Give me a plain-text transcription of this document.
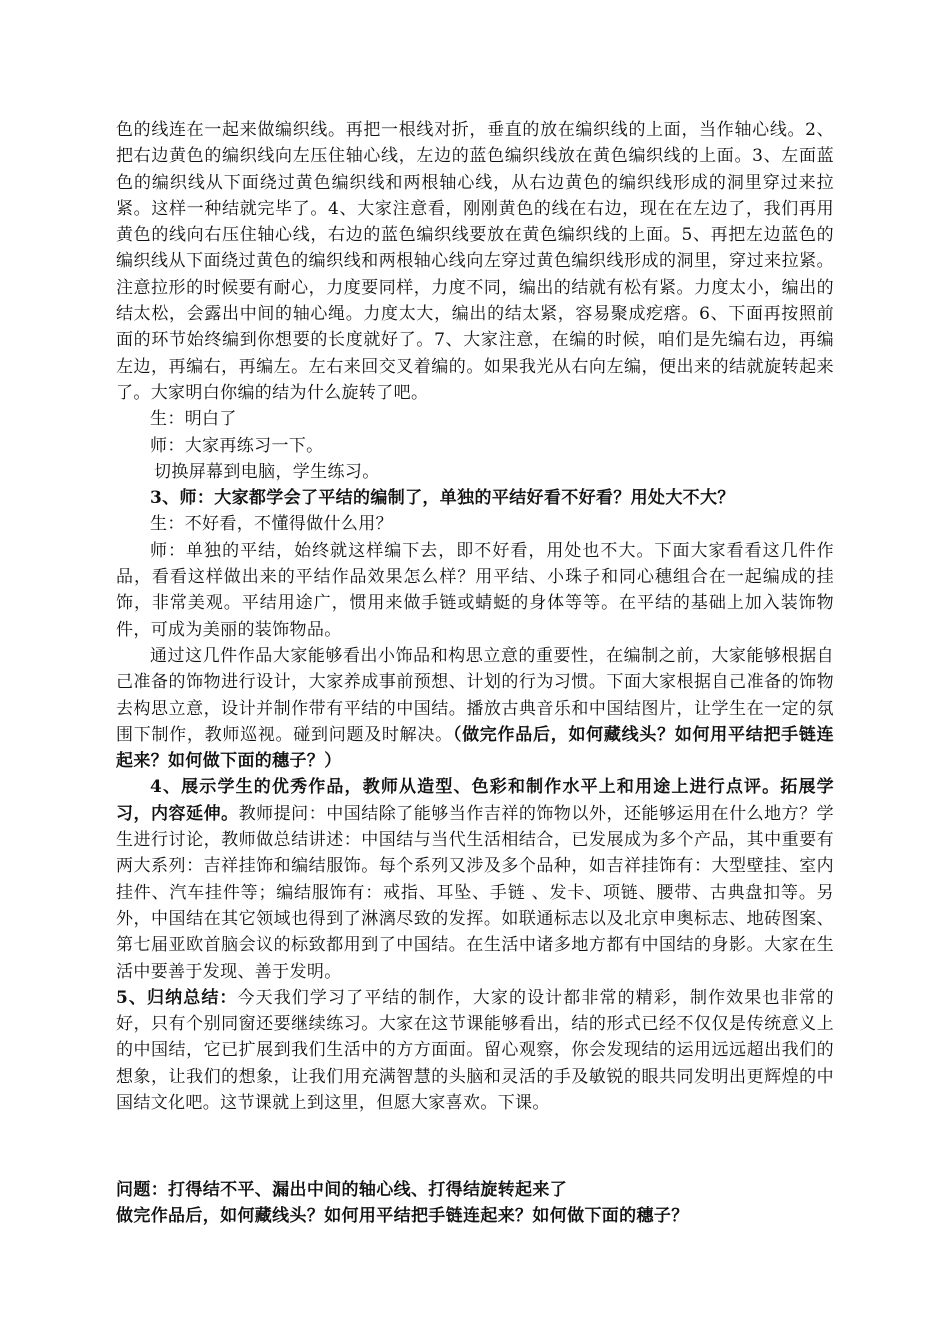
色的线连在一起来做编织线。再把一根线对折，垂直的放在编织线的上面，当作轴心线。2、把右边黄色的编织线向左压住轴心线，左边的蓝色编织线放在黄色编织线的上面。3、左面蓝色的编织线从下面绕过黄色编织线和两根轴心线，从右边黄色的编织线形成的洞里穿过来拉紧。这样一种结就完毕了。4、大家注意看，刚刚黄色的线在右边，现在在左边了，我们再用黄色的线向右压住轴心线，右边的蓝色编织线要放在黄色编织线的上面。5、再把左边蓝色的编织线从下面绕过黄色的编织线和两根轴心线向左穿过黄色编织线形成的洞里，穿过来拉紧。注意拉形的时候要有耐心，力度要同样，力度不同，编出的结就有松有紧。力度太小，编出的结太松，会露出中间的轴心绳。力度太大，编出的结太紧，容易聚成疙瘩。6、下面再按照前面的环节始终编到你想要的长度就好了。7、大家注意，在编的时候，咱们是先编右边，再编左边，再编右，再编左。左右来回交叉着编的。如果我光从右向左编，便出来的结就旋转起来了。大家明白你编的结为什么旋转了吧。

生：明白了

师：大家再练习一下。

切换屏幕到电脑，学生练习。

3、师：大家都学会了平结的编制了，单独的平结好看不好看？用处大不大？

生：不好看，不懂得做什么用？

师：单独的平结，始终就这样编下去，即不好看，用处也不大。下面大家看看这几件作品，看看这样做出来的平结作品效果怎么样？用平结、小珠子和同心穗组合在一起编成的挂饰，非常美观。平结用途广，惯用来做手链或蜻蜓的身体等等。在平结的基础上加入装饰物件，可成为美丽的装饰物品。

通过这几件作品大家能够看出小饰品和构思立意的重要性，在编制之前，大家能够根据自己准备的饰物进行设计，大家养成事前预想、计划的行为习惯。下面大家根据自己准备的饰物去构思立意，设计并制作带有平结的中国结。播放古典音乐和中国结图片，让学生在一定的氛围下制作，教师巡视。碰到问题及时解决。（做完作品后，如何藏线头？如何用平结把手链连起来？如何做下面的穗子？）

4、展示学生的优秀作品，教师从造型、色彩和制作水平上和用途上进行点评。拓展学习，内容延伸。教师提问：中国结除了能够当作吉祥的饰物以外，还能够运用在什么地方？学生进行讨论，教师做总结讲述：中国结与当代生活相结合，已发展成为多个产品，其中重要有两大系列：吉祥挂饰和编结服饰。每个系列又涉及多个品种，如吉祥挂饰有：大型壁挂、室内挂件、汽车挂件等；编结服饰有：戒指、耳坠、手链 、发卡、项链、腰带、古典盘扣等。另外，中国结在其它领域也得到了淋漓尽致的发挥。如联通标志以及北京申奥标志、地砖图案、第七届亚欧首脑会议的标致都用到了中国结。在生活中诸多地方都有中国结的身影。大家在生活中要善于发现、善于发明。

5、归纳总结：今天我们学习了平结的制作，大家的设计都非常的精彩，制作效果也非常的好，只有个别同窗还要继续练习。大家在这节课能够看出，结的形式已经不仅仅是传统意义上的中国结，它已扩展到我们生活中的方方面面。留心观察，你会发现结的运用远远超出我们的想象，让我们的想象，让我们用充满智慧的头脑和灵活的手及敏锐的眼共同发明出更辉煌的中国结文化吧。这节课就上到这里，但愿大家喜欢。下课。

问题：打得结不平、漏出中间的轴心线、打得结旋转起来了

做完作品后，如何藏线头？如何用平结把手链连起来？如何做下面的穗子？
